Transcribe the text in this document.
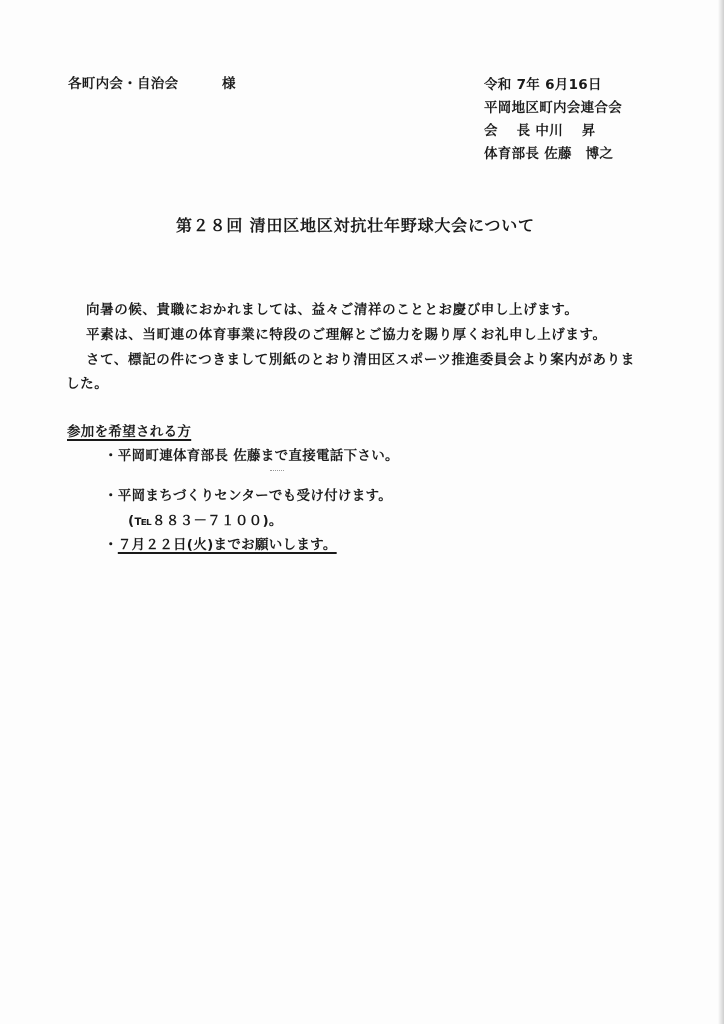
各町内会・自治会	様	令和 7年 6月16日
平岡地区町内会連合会
会　 長 中川　 昇
体育部長 佐藤　博之
第２８回 清田区地区対抗壮年野球大会について
向暑の候、貴職におかれましては、益々ご清祥のこととお慶び申し上げます。
平素は、当町連の体育事業に特段のご理解とご協力を賜り厚くお礼申し上げます。
さて、標記の件につきまして別紙のとおり清田区スポーツ推進委員会より案内がありま
した。
参加を希望される方
・平岡町連体育部長 佐藤まで直接電話下さい。
・平岡まちづくりセンターでも受け付けます。
(℡８８３－７１００)。
・７月２２日(火)までお願いします。
